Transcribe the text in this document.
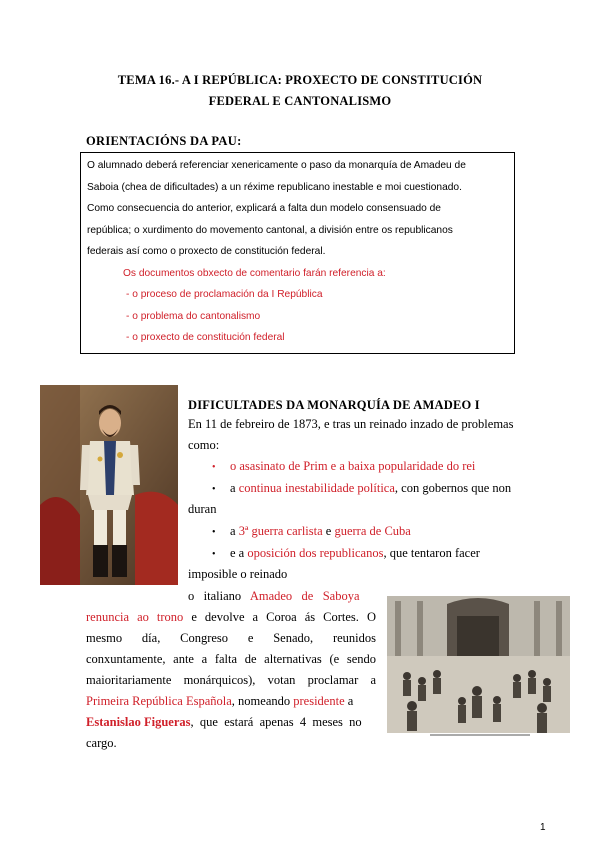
TEMA 16.- A I REPÚBLICA: PROXECTO DE CONSTITUCIÓN
FEDERAL E CANTONALISMO
ORIENTACIÓNS DA PAU:

O alumnado deberá referenciar xenericamente o paso da monarquía de Amadeu de

Saboia (chea de dificultades) a un réxime republicano inestable e moi cuestionado.

Como consecuencia do anterior, explicará a falta dun modelo consensuado de

república; o xurdimento do movemento cantonal, a división entre os republicanos

federais así como o proxecto de constitución federal.

Os documentos obxecto de comentario farán referencia a:

- o proceso de proclamación da I República

- o problema do cantonalismo

- o proxecto de constitución federal

DIFICULTADES DA MONARQUÍA DE AMADEO I
En 11 de febreiro de 1873, e tras un reinado inzado de problemas
como:
• o asasinato de Prim e a baixa popularidade do rei
• a continua inestabilidade política, con gobernos que non
duran
• a 3ª guerra carlista e guerra de Cuba
• e a oposición dos republicanos, que tentaron facer
imposible o reinado
o   italiano   Amadeo   de   Saboya
renuncia ao trono e devolve a Coroa ás Cortes. O
mesmo día, Congreso e Senado, reunidos
conxuntamente, ante a falta de alternativas (e sendo
maioritariamente monárquicos), votan proclamar a
Primeira República Española, nomeando presidente a
Estanislao Figueras,  que  estará  apenas  4  meses  no
cargo.
1
